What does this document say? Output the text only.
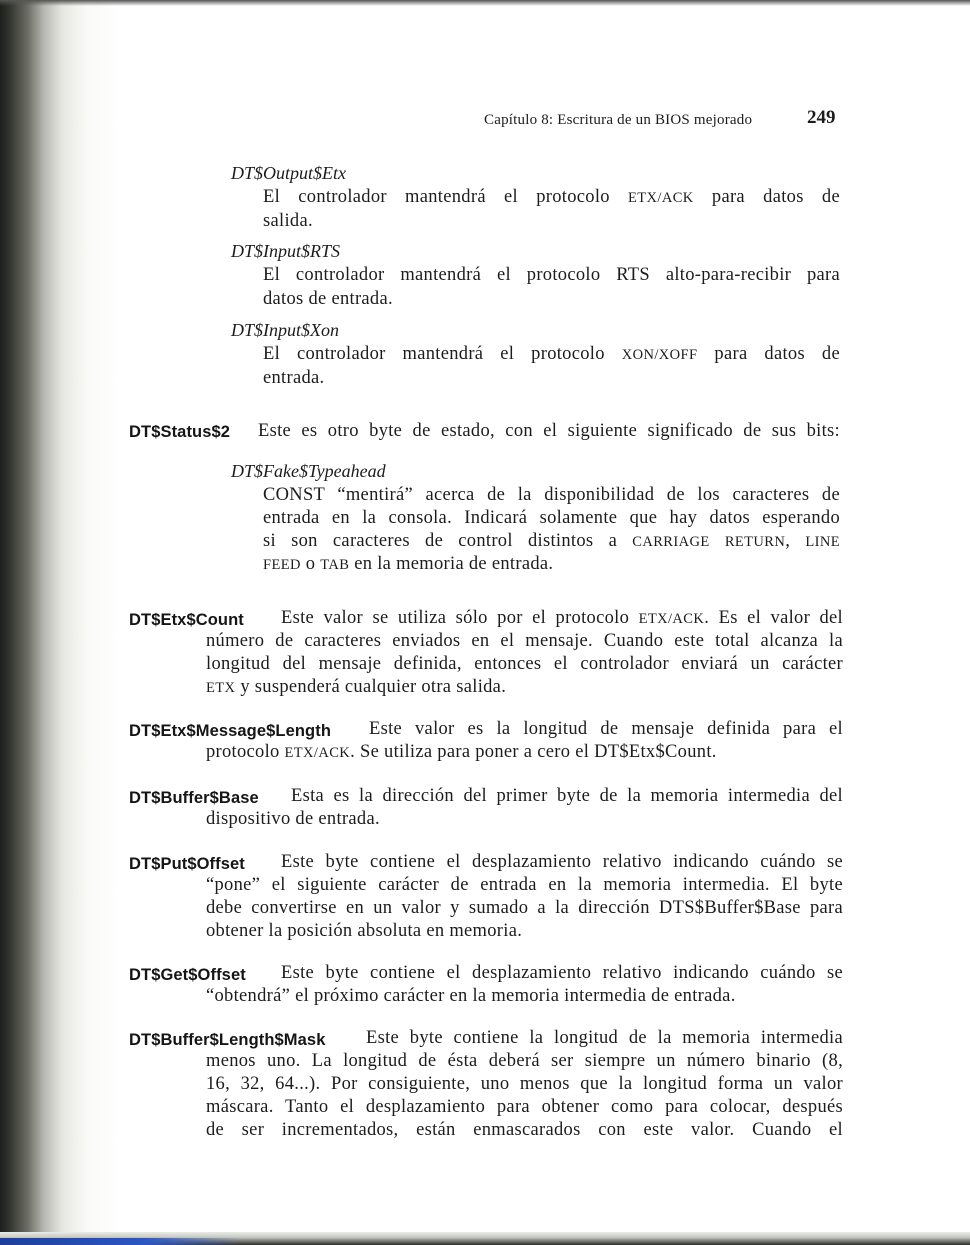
Capítulo 8: Escritura de un BIOS mejorado	249
DT$Output$Etx
El controlador mantendrá el protocolo ETX/ACK para datos de
salida.
DT$Input$RTS
El controlador mantendrá el protocolo RTS alto-para-recibir para
datos de entrada.
DT$Input$Xon
El controlador mantendrá el protocolo XON/XOFF para datos de
entrada.
DT$Status$2 Este es otro byte de estado, con el siguiente significado de sus bits:
DT$Fake$Typeahead
CONST “mentirá” acerca de la disponibilidad de los caracteres de
entrada en la consola. Indicará solamente que hay datos esperando
si son caracteres de control distintos a CARRIAGE RETURN, LINE
FEED o TAB en la memoria de entrada.
DT$Etx$Count Este valor se utiliza sólo por el protocolo ETX/ACK. Es el valor del
número de caracteres enviados en el mensaje. Cuando este total alcanza la
longitud del mensaje definida, entonces el controlador enviará un carácter
ETX y suspenderá cualquier otra salida.
DT$Etx$Message$Length Este valor es la longitud de mensaje definida para el
protocolo ETX/ACK. Se utiliza para poner a cero el DT$Etx$Count.
DT$Buffer$Base Esta es la dirección del primer byte de la memoria intermedia del
dispositivo de entrada.
DT$Put$Offset Este byte contiene el desplazamiento relativo indicando cuándo se
“pone” el siguiente carácter de entrada en la memoria intermedia. El byte
debe convertirse en un valor y sumado a la dirección DTS$Buffer$Base para
obtener la posición absoluta en memoria.
DT$Get$Offset Este byte contiene el desplazamiento relativo indicando cuándo se
“obtendrá” el próximo carácter en la memoria intermedia de entrada.
DT$Buffer$Length$Mask Este byte contiene la longitud de la memoria intermedia
menos uno. La longitud de ésta deberá ser siempre un número binario (8,
16, 32, 64...). Por consiguiente, uno menos que la longitud forma un valor
máscara. Tanto el desplazamiento para obtener como para colocar, después
de ser incrementados, están enmascarados con este valor. Cuando el
